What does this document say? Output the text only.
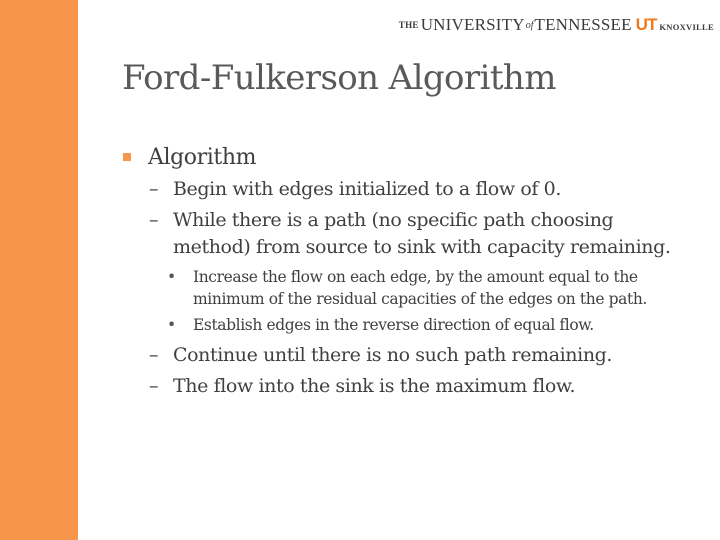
THE UNIVERSITY of TENNESSEE UT KNOXVILLE
Ford-Fulkerson Algorithm
Algorithm
– Begin with edges initialized to a flow of 0.
– While there is a path (no specific path choosing
method) from source to sink with capacity remaining.
• Increase the flow on each edge, by the amount equal to the
minimum of the residual capacities of the edges on the path.
• Establish edges in the reverse direction of equal flow.
– Continue until there is no such path remaining.
– The flow into the sink is the maximum flow.
